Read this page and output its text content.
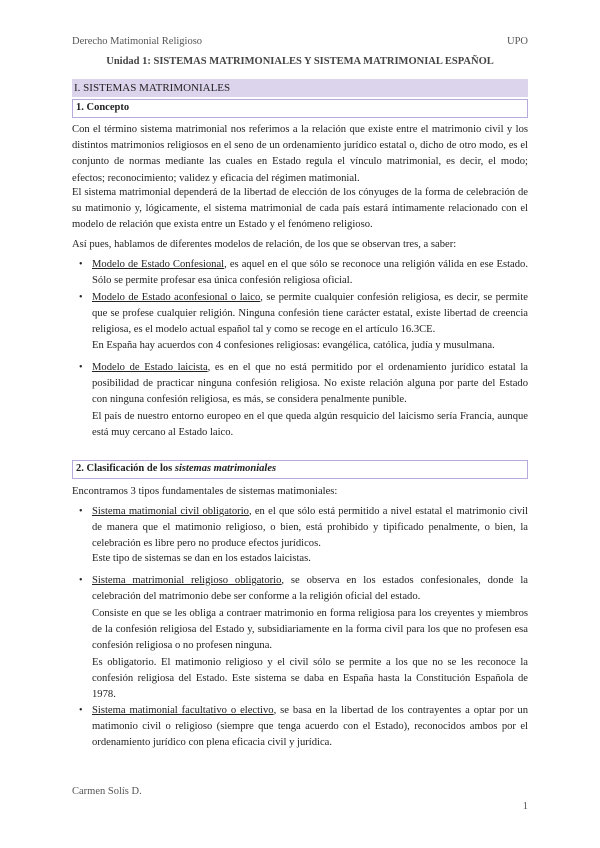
Derecho Matimonial Religioso	UPO
Unidad 1: SISTEMAS MATRIMONIALES Y SISTEMA MATRIMONIAL ESPAÑOL
I. SISTEMAS MATRIMONIALES
1. Concepto
Con el término sistema matrimonial nos referimos a la relación que existe entre el matrimonio civil y los distintos matrimonios religiosos en el seno de un ordenamiento jurídico estatal o, dicho de otro modo, es el conjunto de normas mediante las cuales en Estado regula el vínculo matrimonial, es decir, el modo; efectos; reconocimiento; validez y eficacia del régimen matimonial.
El sistema matrimonial dependerá de la libertad de elección de los cónyuges de la forma de celebración de su matimonio y, lógicamente, el sistema matrimonial de cada país estará íntimamente relacionado con el modelo de relación que exista entre un Estado y el fenómeno religioso.
Así pues, hablamos de diferentes modelos de relación, de los que se observan tres, a saber:
• Modelo de Estado Confesional, es aquel en el que sólo se reconoce una religión válida en ese Estado. Sólo se permite profesar esa única confesión religiosa oficial.
• Modelo de Estado aconfesional o laico, se permite cualquier confesión religiosa, es decir, se permite que se profese cualquier religión. Ninguna confesión tiene carácter estatal, existe libertad de creencia religiosa, es el modelo actual español tal y como se recoge en el artículo 16.3CE.
En España hay acuerdos con 4 confesiones religiosas: evangélica, católica, judía y musulmana.
• Modelo de Estado laicista, es en el que no está permitido por el ordenamiento jurídico estatal la posibilidad de practicar ninguna confesión religiosa. No existe relación alguna por parte del Estado con ninguna confesión religiosa, es más, se considera penalmente punible.
El país de nuestro entorno europeo en el que queda algún resquicio del laicismo sería Francia, aunque está muy cercano al Estado laico.
2. Clasificación de los sistemas matrimoniales
Encontramos 3 tipos fundamentales de sistemas matimoniales:
• Sistema matimonial civil obligatorio, en el que sólo está permitido a nivel estatal el matrimonio civil de manera que el matimonio religioso, o bien, está prohibido y tipificado penalmente, o bien, la celebración es libre pero no produce efectos jurídicos.
Este tipo de sistemas se dan en los estados laicistas.
• Sistema matrimonial religioso obligatorio, se observa en los estados confesionales, donde la celebración del matrimonio debe ser conforme a la religión oficial del estado.
Consiste en que se les obliga a contraer matrimonio en forma religiosa para los creyentes y miembros de la confesión religiosa del Estado y, subsidiariamente en la forma civil para los que no profesen esa confesión religiosa o no profesen ninguna.
Es obligatorio. El matimonio religioso y el civil sólo se permite a los que no se les reconoce la confesión religiosa del Estado. Este sistema se daba en España hasta la Constitución Española de 1978.
• Sistema matimonial facultativo o electivo, se basa en la libertad de los contrayentes a optar por un matimonio civil o religioso (siempre que tenga acuerdo con el Estado), reconocidos ambos por el ordenamiento jurídico con plena eficacia civil y jurídica.
Carmen Solís D.
1
